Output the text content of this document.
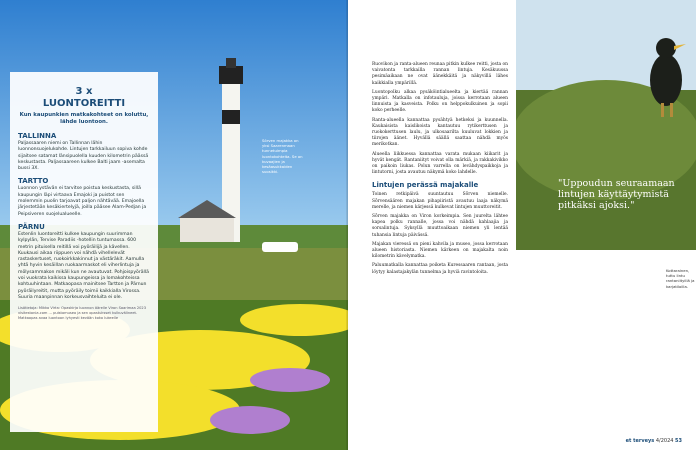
3 x
LUONTOREITTI
Kun kaupunkien matkakohteet on koluttu, lähde luontoon.
TALLINNA
Paljassaaren niemi on Tallinnan lähin luonnonsuojelukohde. Lintujen tarkkailuun sopiva kohde sijaitsee satamat länsipuolella kuuden kilometrin päässä keskustasta. Paljassaareen kulkee Balti jaam -asemalta bussi 3X.
TARTTO
Luonnon ystävän ei tarvitse poistua keskustasta, sillä kaupungin läpi virtaava Emajoki ja puistot sen molemmin puolin tarjoavat paljon nähtävää. Emajoella järjestetään kesäkiertelyjä, joilla pääsee Alam-Pedjan ja Peipsiveren suojelualueelle.
PÄRNU
Estenlin luontoreitti kulkee kaupungin suurimman kylpylän, Tervise Paradiis -hotellin tuntumassa. 600 metrin pituisella reitillä voi pyöräilijä ja kävellen. Kuukausi aikaa riippuen voi nähdä vihellelevät rastaskertuset, ruokoirkkakinnut ja västäräkit. Aamulla yhtä hyvin kesäillan ruokaarmaskot eli viherlintuja ja mölysammakon mikäli kun ne avautuvat. Pohjoispyörällä voi vuokrata kaikissa kaupungeissa ja lomakohteissa kohtuuhintaan. Matkaopasa mainitsee Tartton ja Pärnun pyöräilyreitit, mutta pyöräily toimii kaikkialla Virossa. Suuria maanpinnan korkeusvaihteluita ei ole.
Lisätietoja: Mikko Virta: Opaskirja luonnon äärelle Viron Saarimaa 2023 visitestonia.com ... puistomuseo ja sen opastuksset kulkuvälineet. Matkaopas avaa luontoon lyhyesti kevään koko lukeelle
Sõrven majakka on yksi Saarenmaan tunnetuimpia luontokohteita. Se on kuvaajien ja kesäasukkaiden suosikki.

Ruovikon ja ranta-alueen reunaa pitkin kulkee reitti, josta on vaivatonta tarkkailla rannan lintuja. Kesäkuussa pesimäaikaan ne ovat äänekkäitä ja näkyvillä lähes kaikkialla ympärillä.

Luontopolku alkaa pysäköintialueelta ja kiertää rannan ympäri. Matkalla on infotauluja, joissa kerrotaan alueen linnuista ja kasveista. Polku on helppokulkuinen ja sopii koko perheelle.

Ranta-alueella kannattaa pysähtyä hetkeksi ja kuunnella. Kaukaisista kaislikoista kantautuu rytikerttusen ja ruokokerttusen laulu, ja ulkosaarilta kuuluvat lokkien ja tiirojen äänet. Hyvällä säällä saattaa nähdä myös merikotkan.

Alueella liikkuessa kannattaa varata mukaan kiikarit ja hyvät kengät. Rantaniityt voivat olla märkiä, ja rakkakivikko on paikoin liukas. Polun varrella on levähdyspaikkoja ja lintutorni, josta avautuu näkymä koko lahdelle.

Lintujen perässä majakalle

Toinen retkipäivä suuntautuu Sõrven niemelle. Sõrvensäären majakan pihapiiristä avautuu laaja näkymä merelle, ja niemen kärjessä kulkevat lintujen muuttoreitit.

Sõrven majakka on Viron korkeimpia. Sen juurelta lähtee kapea polku rannalle, jossa voi nähdä kahlaajia ja sorsalintuja. Syksyllä muuttoaikaan niemen yli lentää tuhansia lintuja päivässä.

Majakan vieressä on pieni kahvila ja museo, jossa kerrotaan alueen historiasta. Niemen kärkeen on majakalta noin kilometrin kävelymatka.

Paluumatkalla kannattaa poiketa Kuressaaren rantaan, josta löytyy kalastajakylän tunnelma ja hyviä ravintoloita.

"Uppoudun seuraamaan lintujen käyttäytymistä pitkäksi ajoksi."
Kottarainen, tuttu lintu rantaniityillä ja karjatiloilla.
et terveys 4/2024 53
